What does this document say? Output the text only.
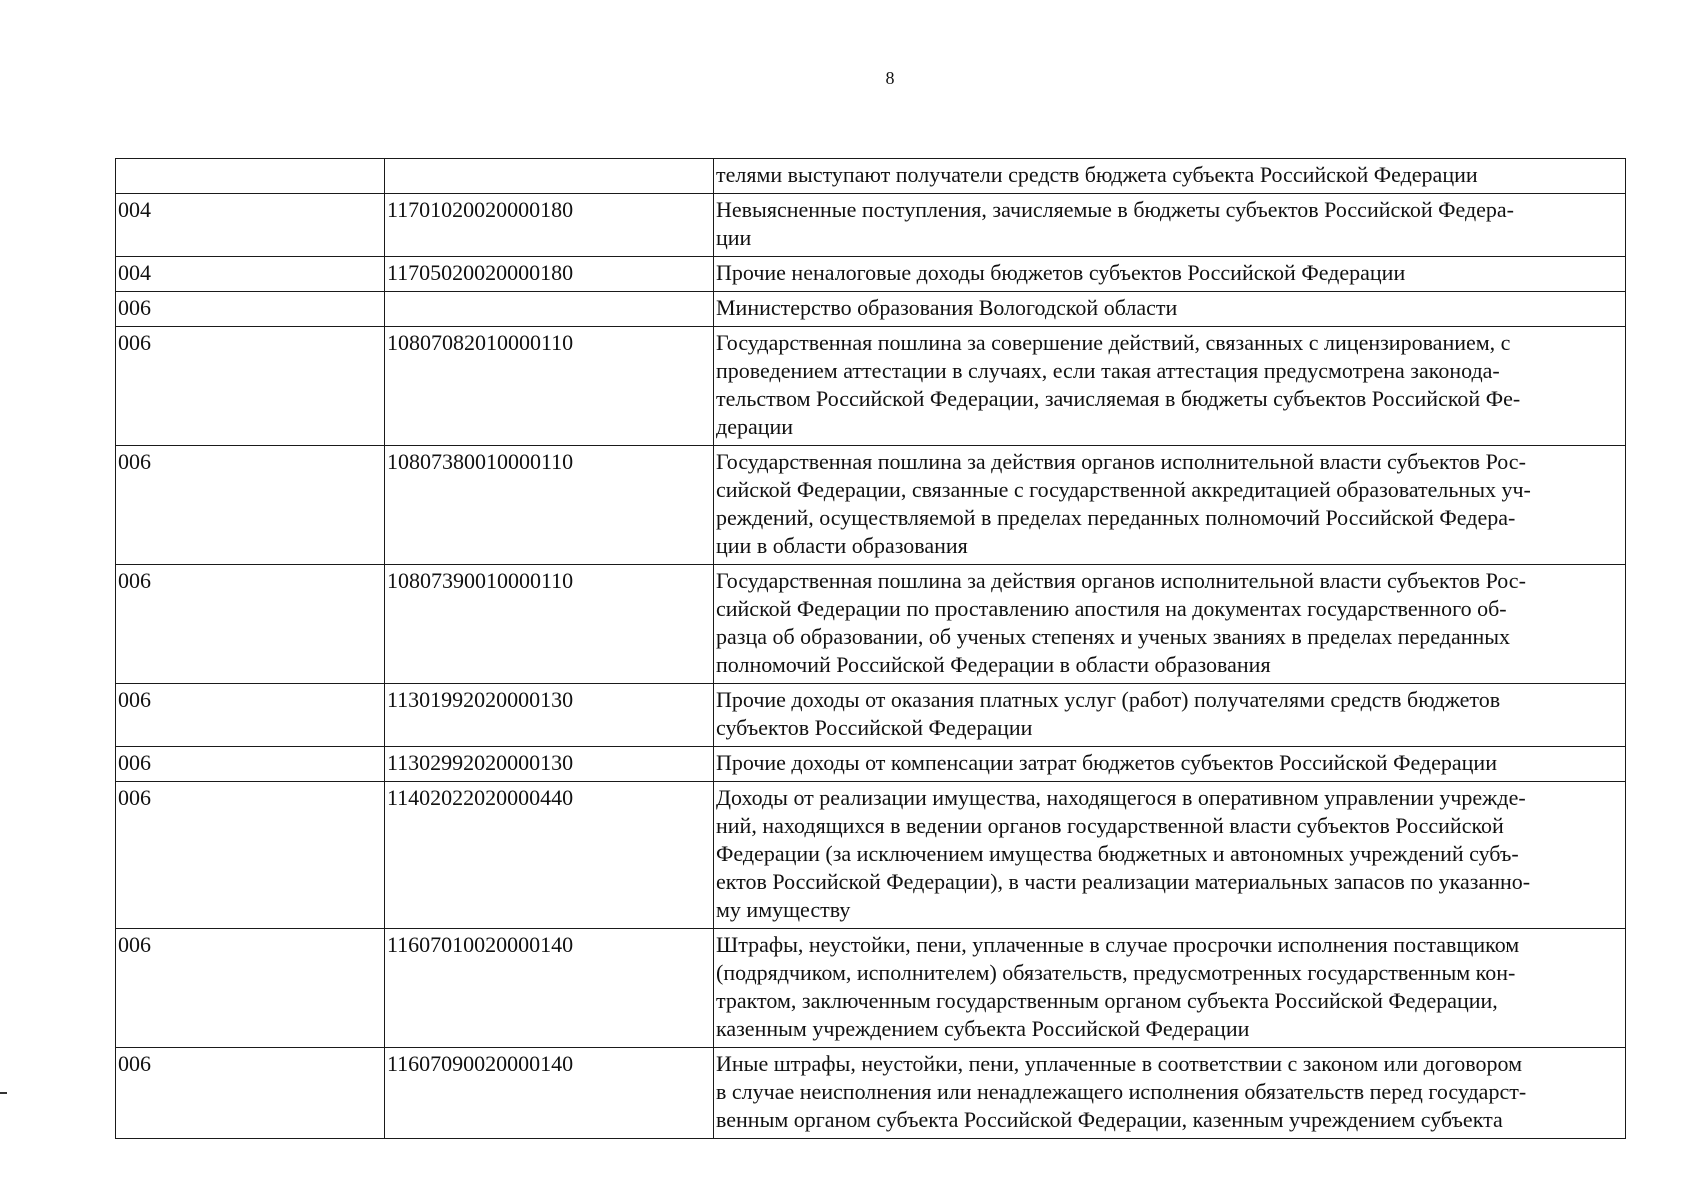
8

		телями выступают получатели средств бюджета субъекта Российской Федерации

004	11701020020000180	Невыясненные поступления, зачисляемые в бюджеты субъектов Российской Федера-
ции

004	11705020020000180	Прочие неналоговые доходы бюджетов субъектов Российской Федерации

006		Министерство образования Вологодской области

006	10807082010000110	Государственная пошлина за совершение действий, связанных с лицензированием, с
проведением аттестации в случаях, если такая аттестация предусмотрена законода-
тельством Российской Федерации, зачисляемая в бюджеты субъектов Российской Фе-
дерации

006	10807380010000110	Государственная пошлина за действия органов исполнительной власти субъектов Рос-
сийской Федерации, связанные с государственной аккредитацией образовательных уч-
реждений, осуществляемой в пределах переданных полномочий Российской Федера-
ции в области образования

006	10807390010000110	Государственная пошлина за действия органов исполнительной власти субъектов Рос-
сийской Федерации по проставлению апостиля на документах государственного об-
разца об образовании, об ученых степенях и ученых званиях в пределах переданных
полномочий Российской Федерации в области образования

006	11301992020000130	Прочие доходы от оказания платных услуг (работ) получателями средств бюджетов
субъектов Российской Федерации

006	11302992020000130	Прочие доходы от компенсации затрат бюджетов субъектов Российской Федерации

006	11402022020000440	Доходы от реализации имущества, находящегося в оперативном управлении учрежде-
ний, находящихся в ведении органов государственной власти субъектов Российской
Федерации (за исключением имущества бюджетных и автономных учреждений субъ-
ектов Российской Федерации), в части реализации материальных запасов по указанно-
му имуществу

006	11607010020000140	Штрафы, неустойки, пени, уплаченные в случае просрочки исполнения поставщиком
(подрядчиком, исполнителем) обязательств, предусмотренных государственным кон-
трактом, заключенным государственным органом субъекта Российской Федерации,
казенным учреждением субъекта Российской Федерации

006	11607090020000140	Иные штрафы, неустойки, пени, уплаченные в соответствии с законом или договором
в случае неисполнения или ненадлежащего исполнения обязательств перед государст-
венным органом субъекта Российской Федерации, казенным учреждением субъекта
